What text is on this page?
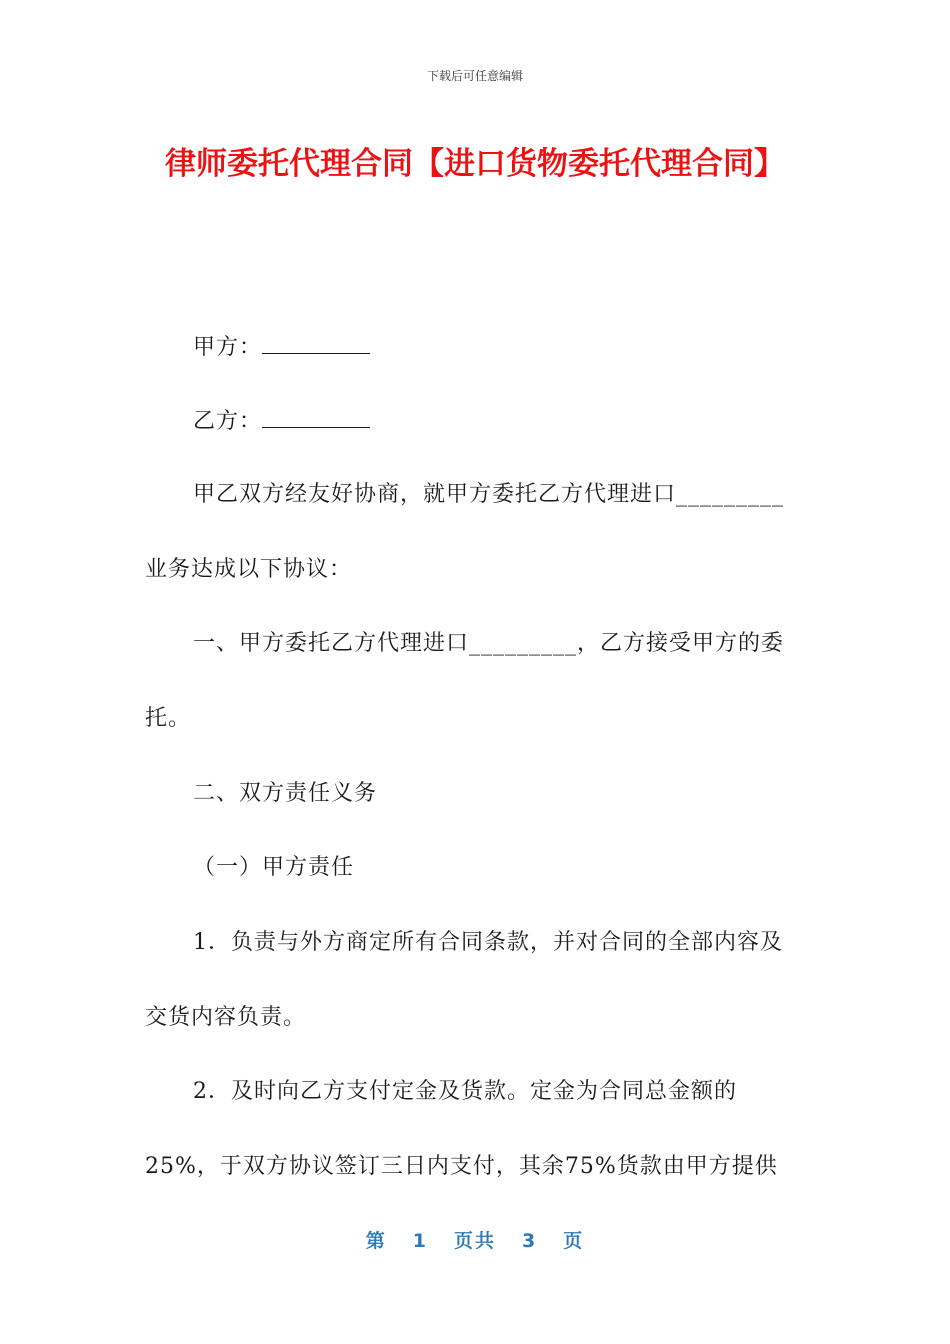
下载后可任意编辑
律师委托代理合同【进口货物委托代理合同】
甲方：
乙方：
甲乙双方经友好协商，就甲方委托乙方代理进口_________
业务达成以下协议：
一、甲方委托乙方代理进口_________，乙方接受甲方的委
托。
二、双方责任义务
（一）甲方责任
1．负责与外方商定所有合同条款，并对合同的全部内容及
交货内容负责。
2．及时向乙方支付定金及货款。定金为合同总金额的
25%，于双方协议签订三日内支付，其余75%货款由甲方提供
第 1 页共 3 页
